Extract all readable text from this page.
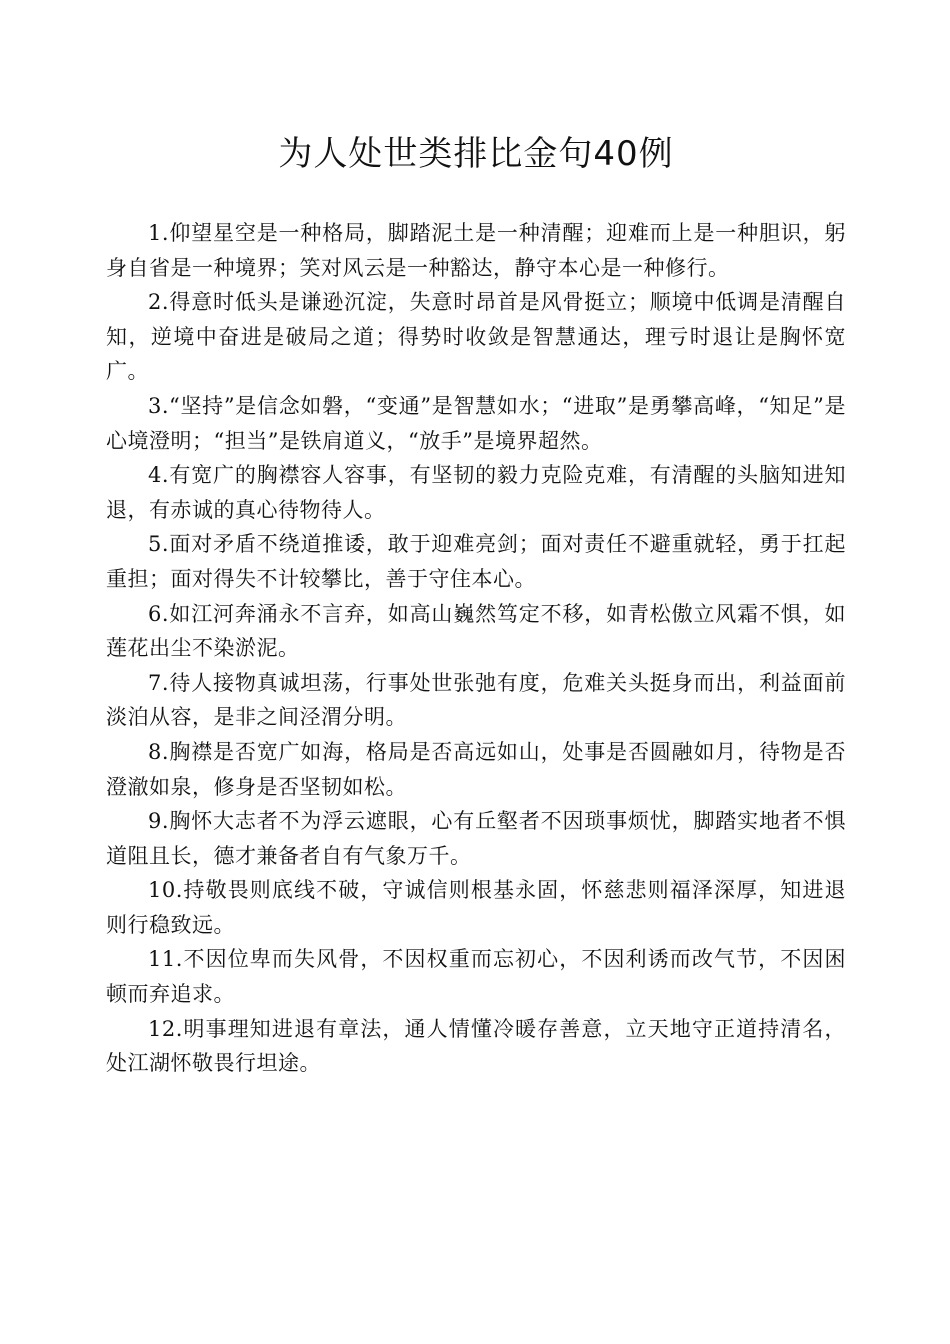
为人处世类排比金句40例

1.仰望星空是一种格局，脚踏泥土是一种清醒；迎难而上是一种胆识，躬身自省是一种境界；笑对风云是一种豁达，静守本心是一种修行。

2.得意时低头是谦逊沉淀，失意时昂首是风骨挺立；顺境中低调是清醒自知，逆境中奋进是破局之道；得势时收敛是智慧通达，理亏时退让是胸怀宽广。

3.“坚持”是信念如磐，“变通”是智慧如水；“进取”是勇攀高峰，“知足”是心境澄明；“担当”是铁肩道义，“放手”是境界超然。

4.有宽广的胸襟容人容事，有坚韧的毅力克险克难，有清醒的头脑知进知退，有赤诚的真心待物待人。

5.面对矛盾不绕道推诿，敢于迎难亮剑；面对责任不避重就轻，勇于扛起重担；面对得失不计较攀比，善于守住本心。

6.如江河奔涌永不言弃，如高山巍然笃定不移，如青松傲立风霜不惧，如莲花出尘不染淤泥。

7.待人接物真诚坦荡，行事处世张弛有度，危难关头挺身而出，利益面前淡泊从容，是非之间泾渭分明。

8.胸襟是否宽广如海，格局是否高远如山，处事是否圆融如月，待物是否澄澈如泉，修身是否坚韧如松。

9.胸怀大志者不为浮云遮眼，心有丘壑者不因琐事烦忧，脚踏实地者不惧道阻且长，德才兼备者自有气象万千。

10.持敬畏则底线不破，守诚信则根基永固，怀慈悲则福泽深厚，知进退则行稳致远。

11.不因位卑而失风骨，不因权重而忘初心，不因利诱而改气节，不因困顿而弃追求。

12.明事理知进退有章法，通人情懂冷暖存善意，立天地守正道持清名，处江湖怀敬畏行坦途。
